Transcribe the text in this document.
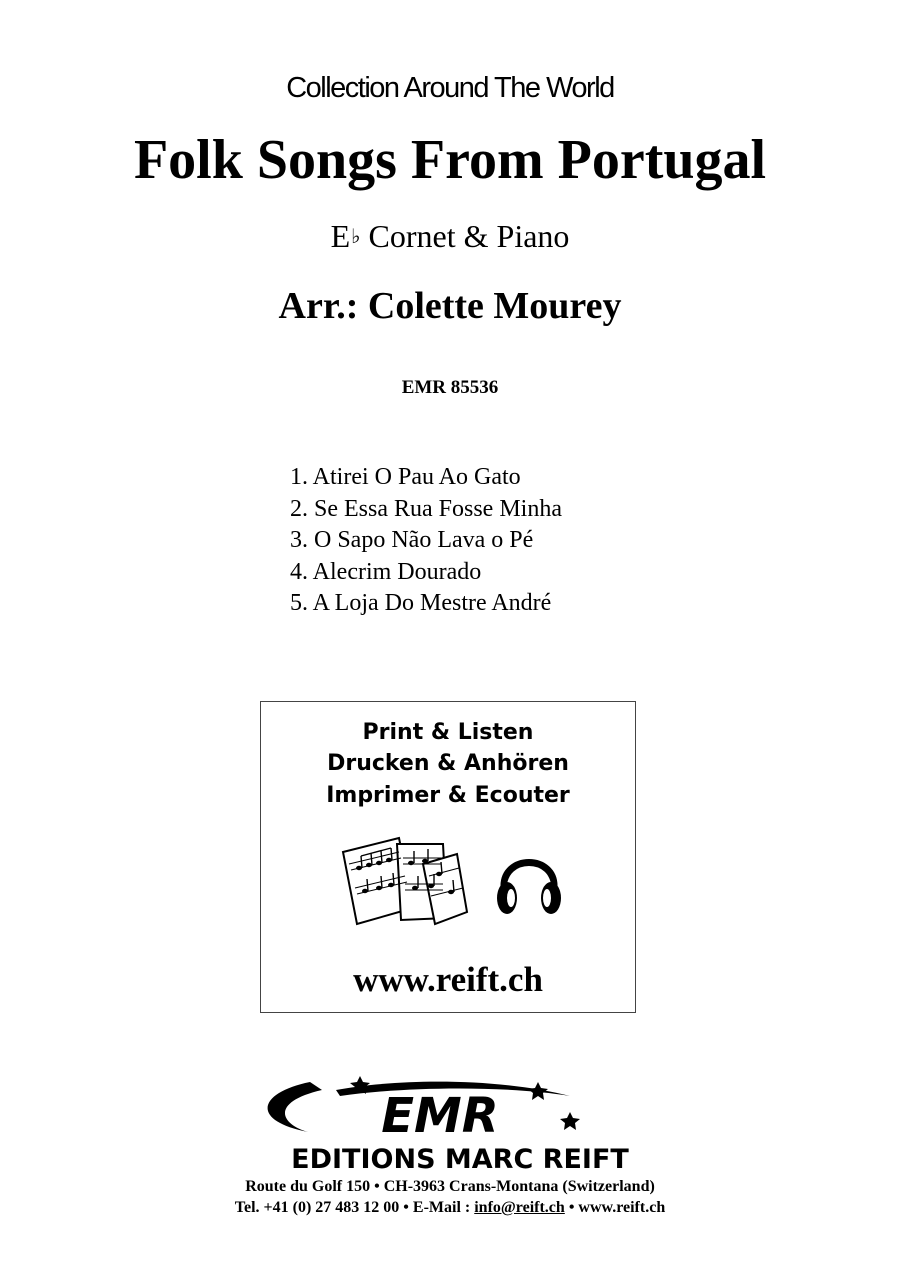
Collection Around The World
Folk Songs From Portugal
E♭ Cornet & Piano
Arr.: Colette Mourey
EMR 85536
1. Atirei O Pau Ao Gato
2. Se Essa Rua Fosse Minha
3. O Sapo Não Lava o Pé
4. Alecrim Dourado
5. A Loja Do Mestre André
Print & Listen
Drucken & Anhören
Imprimer & Ecouter
www.reift.ch
EMR
EDITIONS MARC REIFT
Route du Golf 150 • CH-3963 Crans-Montana (Switzerland)
Tel. +41 (0) 27 483 12 00 • E-Mail : info@reift.ch • www.reift.ch
